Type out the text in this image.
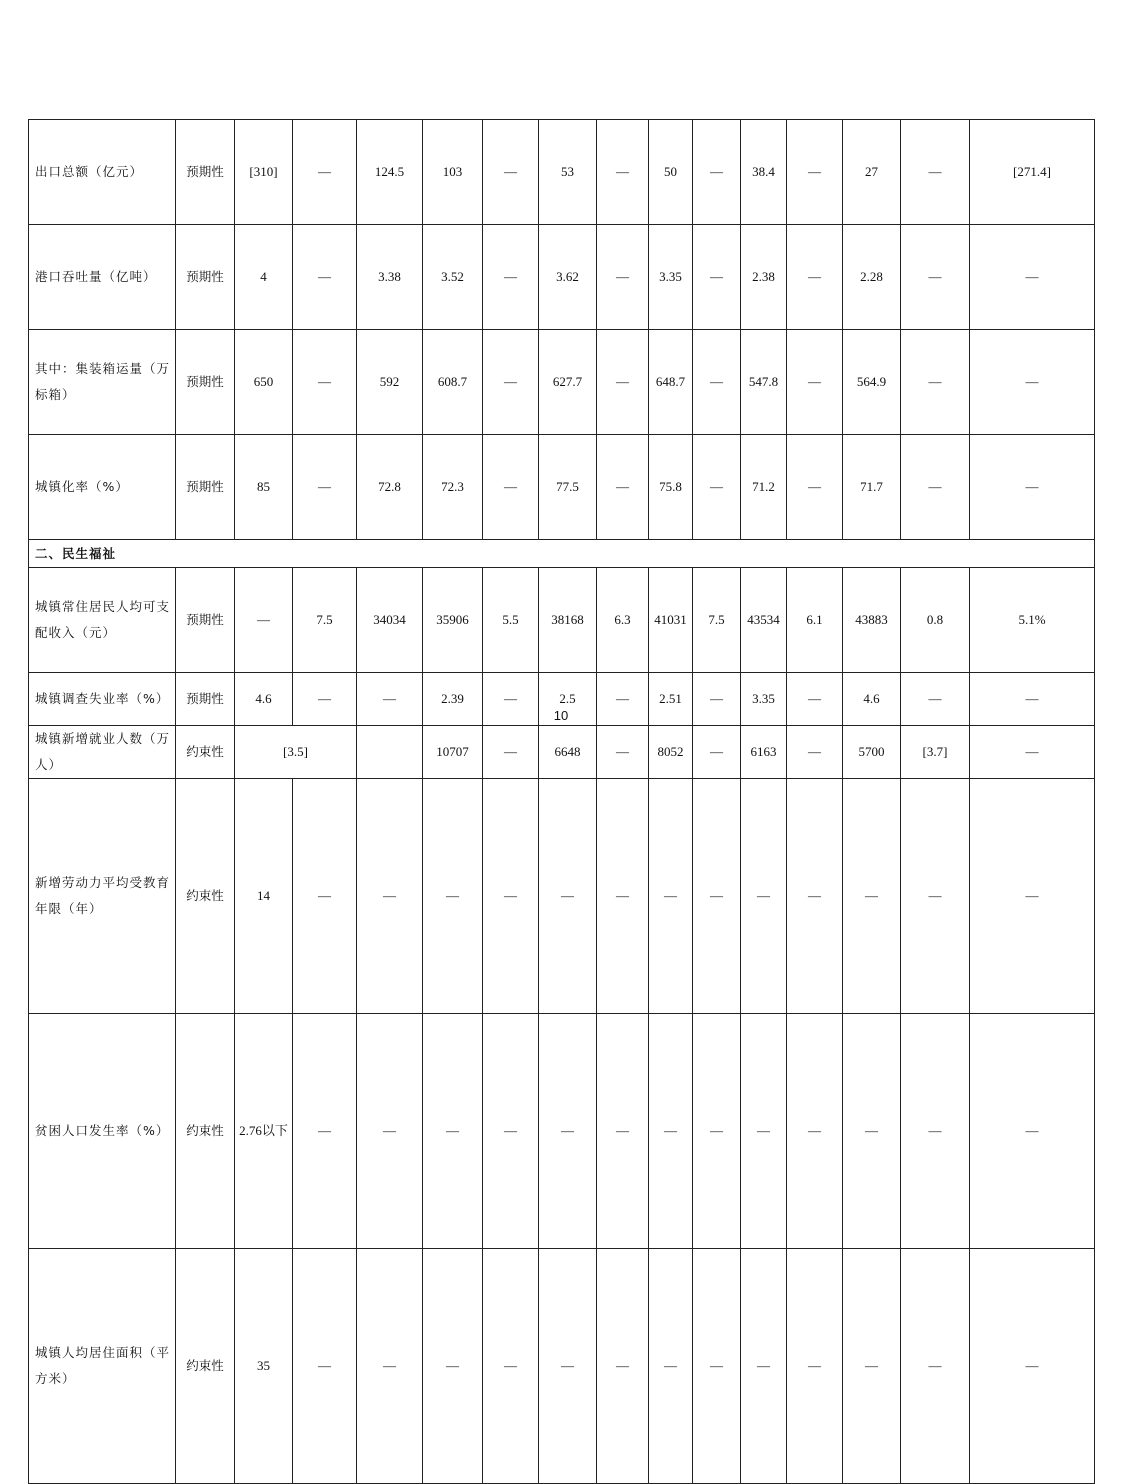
出口总额（亿元）	预期性	[310]	—	124.5	103	—	53	—	50	—	38.4	—	27	—	[271.4]	
港口吞吐量（亿吨）	预期性	4	—	3.38	3.52	—	3.62	—	3.35	—	2.38	—	2.28	—	—	
其中：集装箱运量（万标箱）	预期性	650	—	592	608.7	—	627.7	—	648.7	—	547.8	—	564.9	—	—	
城镇化率（%）	预期性	85	—	72.8	72.3	—	77.5	—	75.8	—	71.2	—	71.7	—	—	
二、民生福祉																
城镇常住居民人均可支配收入（元）	预期性	—	7.5	34034	35906	5.5	38168	6.3	41031	7.5	43534	6.1	43883	0.8	5.1%	
城镇调查失业率（%）	预期性	4.6	—	—	2.39	—	2.5	—	2.51	—	3.35	—	4.6	—	—	
城镇新增就业人数（万人）	约束性	[3.5]			10707	—	6648	—	8052	—	6163	—	5700	[3.7]	—	
新增劳动力平均受教育年限（年）	约束性	14	—	—	—	—	—	—	—	—	—	—	—	—	—	
贫困人口发生率（%）	约束性	2.76以下	—	—	—	—	—	—	—	—	—	—	—	—	—	
城镇人均居住面积（平方米）	约束性	35	—	—	—	—	—	—	—	—	—	—	—	—	—	
10
